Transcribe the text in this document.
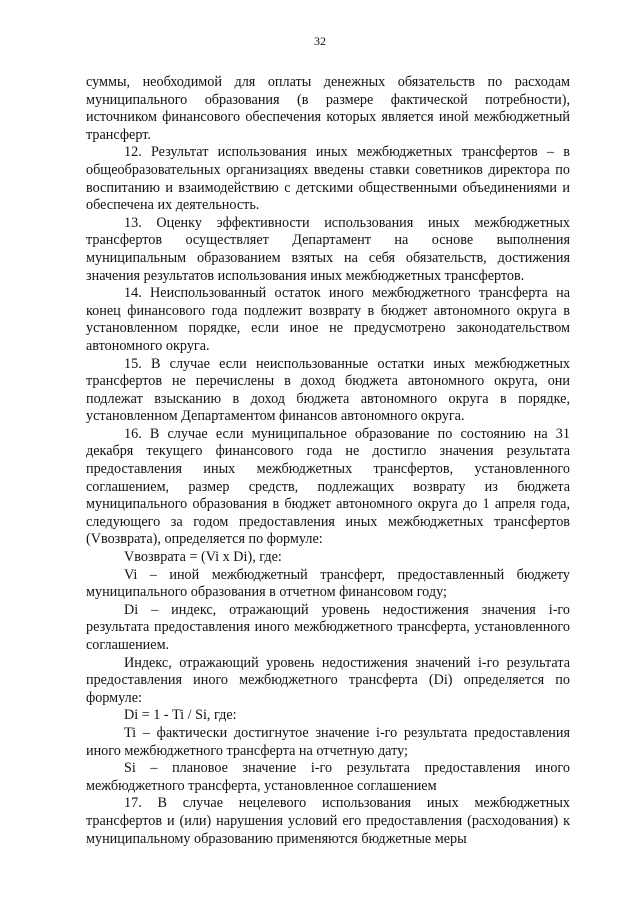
32

суммы, необходимой для оплаты денежных обязательств по расходам муниципального образования (в размере фактической потребности), источником финансового обеспечения которых является иной межбюджетный трансферт.

12. Результат использования иных межбюджетных трансфертов – в общеобразовательных организациях введены ставки советников директора по воспитанию и взаимодействию с детскими общественными объединениями и обеспечена их деятельность.

13. Оценку эффективности использования иных межбюджетных трансфертов осуществляет Департамент на основе выполнения муниципальным образованием взятых на себя обязательств, достижения значения результатов использования иных межбюджетных трансфертов.

14. Неиспользованный остаток иного межбюджетного трансферта на конец финансового года подлежит возврату в бюджет автономного округа в установленном порядке, если иное не предусмотрено законодательством автономного округа.

15. В случае если неиспользованные остатки иных межбюджетных трансфертов не перечислены в доход бюджета автономного округа, они подлежат взысканию в доход бюджета автономного округа в порядке, установленном Департаментом финансов автономного округа.

16. В случае если муниципальное образование по состоянию на 31 декабря текущего финансового года не достигло значения результата предоставления иных межбюджетных трансфертов, установленного соглашением, размер средств, подлежащих возврату из бюджета муниципального образования в бюджет автономного округа до 1 апреля года, следующего за годом предоставления иных межбюджетных трансфертов (Vвозврата), определяется по формуле:

Vвозврата = (Vi x Di), где:

Vi – иной межбюджетный трансферт, предоставленный бюджету муниципального образования в отчетном финансовом году;

Di – индекс, отражающий уровень недостижения значения i-го результата предоставления иного межбюджетного трансферта, установленного соглашением.

Индекс, отражающий уровень недостижения значений i-го результата предоставления иного межбюджетного трансферта (Di) определяется по формуле:

Di = 1 - Ti / Si, где:

Ti – фактически достигнутое значение i-го результата предоставления иного межбюджетного трансферта на отчетную дату;

Si – плановое значение i-го результата предоставления иного межбюджетного трансферта, установленное соглашением

17. В случае нецелевого использования иных межбюджетных трансфертов и (или) нарушения условий его предоставления (расходования) к муниципальному образованию применяются бюджетные меры
